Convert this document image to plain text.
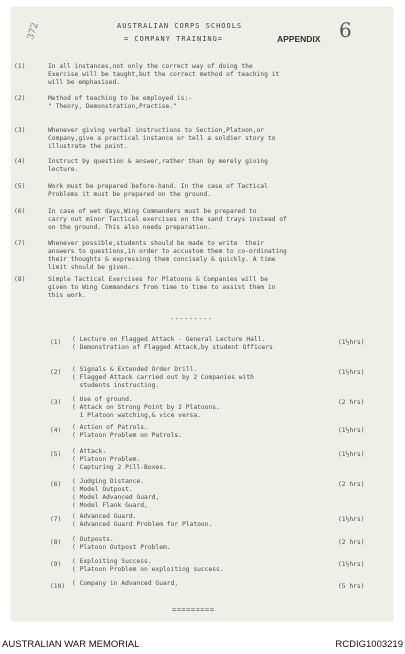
6
372	AUSTRALIAN CORPS SCHOOLS
= COMPANY TRAINING=	APPENDIX
(1)	In all instances,not only the correct way of doing the
Exercise will be taught,but the correct method of teaching it
will be emphasised.
(2)	Method of teaching to be employed is:-
" Theory, Demonstration,Practise."
(3)	Whenever giving verbal instructions to Section,Platoon,or
Company,give a practical instance or tell a soldier story to
illustrate the point.
(4)	Instruct by question & answer,rather than by merely giving
lecture.
(5)	Work must be prepared before-hand. In the case of Tactical
Problems it must be prepared on the ground.
(6)	In case of wet days,Wing Commanders must be prepared to
carry out minor Tactical exercises on the sand trays instead of
on the ground. This also needs preparation.
(7)	Whenever possible,students should be made to write  their
answers to questions,in order to accustom them to co-ordinating
their thoughts & expressing them concisely & quickly. A time
limit should be given.
(8)	Simple Tactical Exercises for Platoons & Companies will be
given to Wing Commanders from time to time to assist them in
this work.
---------
(1) ( Lecture on Flagged Attack - General Lecture Hall.
( Demonstration of Flagged Attack,by student Officers
(1½hrs)
(2) ( Signals & Extended Order Drill.
( Flagged Attack carried out by 2 Companies with
students instructing.
(1½hrs)
(3) ( Use of ground.
( Attack on Strong Point by 2 Platoons.
1 Platoon watching,& vice versa.
(2 hrs)
(4) ( Action of Patrols.
( Platoon Problem on Patrols.
(1½hrs)
(5) ( Attack.
( Platoon Problem.
( Capturing 2 Pill-Boxes.
(1½hrs)
(6) ( Judging Distance.
( Model Outpost.
( Model Advanced Guard,
( Model Flank Guard,
(2 hrs)
(7) ( Advanced Guard.
( Advanced Guard Problem for Platoon.
(1½hrs)
(8) ( Outposts.
( Platoon Outpost Problem.
(2 hrs)
(9) ( Exploiting Success.
( Platoon Problem on exploiting success.
(1½hrs)
(10) ( Company in Advanced Guard,	(5 hrs)
=========
AUSTRALIAN WAR MEMORIAL	RCDIG1003219
